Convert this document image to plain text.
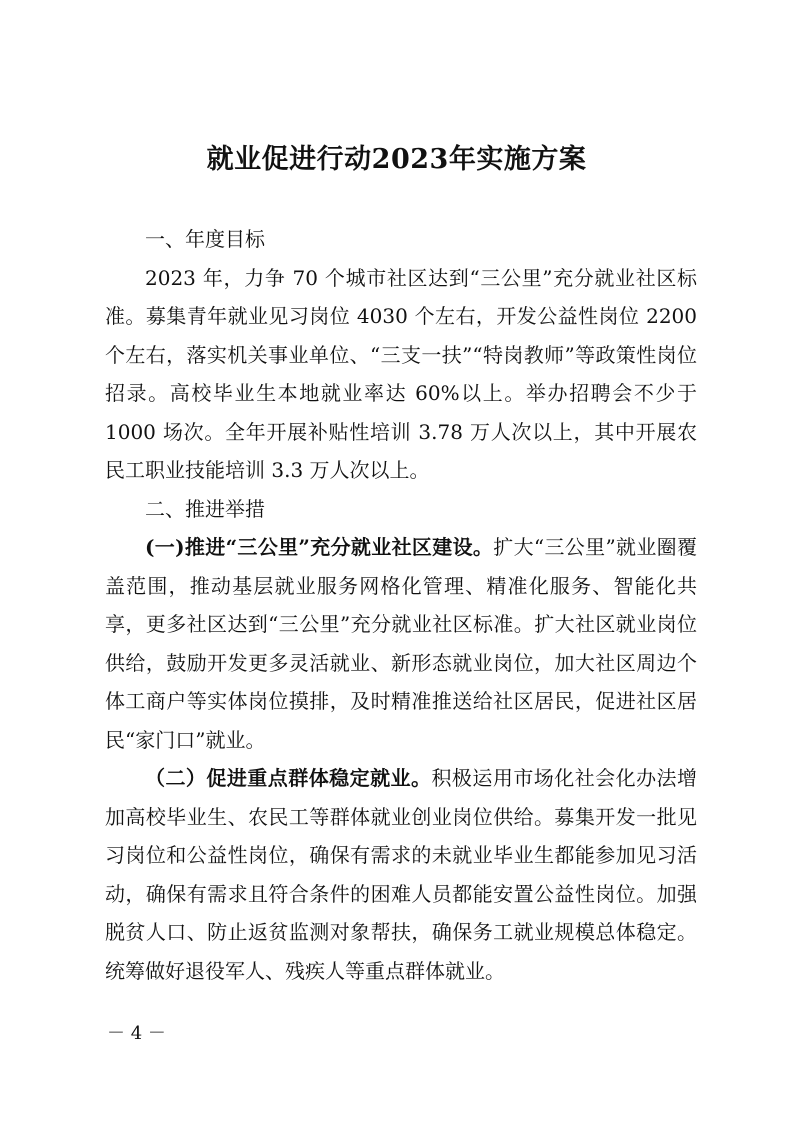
就业促进行动2023年实施方案

一、年度目标

2023 年，力争 70 个城市社区达到“三公里”充分就业社区标准。募集青年就业见习岗位 4030 个左右，开发公益性岗位 2200 个左右，落实机关事业单位、“三支一扶”“特岗教师”等政策性岗位招录。高校毕业生本地就业率达 60%以上。举办招聘会不少于 1000 场次。全年开展补贴性培训 3.78 万人次以上，其中开展农民工职业技能培训 3.3 万人次以上。

二、推进举措

(一)推进“三公里”充分就业社区建设。扩大“三公里”就业圈覆盖范围，推动基层就业服务网格化管理、精准化服务、智能化共享，更多社区达到“三公里”充分就业社区标准。扩大社区就业岗位供给，鼓励开发更多灵活就业、新形态就业岗位，加大社区周边个体工商户等实体岗位摸排，及时精准推送给社区居民，促进社区居民“家门口”就业。

（二）促进重点群体稳定就业。积极运用市场化社会化办法增加高校毕业生、农民工等群体就业创业岗位供给。募集开发一批见习岗位和公益性岗位，确保有需求的未就业毕业生都能参加见习活动，确保有需求且符合条件的困难人员都能安置公益性岗位。加强脱贫人口、防止返贫监测对象帮扶，确保务工就业规模总体稳定。统筹做好退役军人、残疾人等重点群体就业。

－ 4 －
